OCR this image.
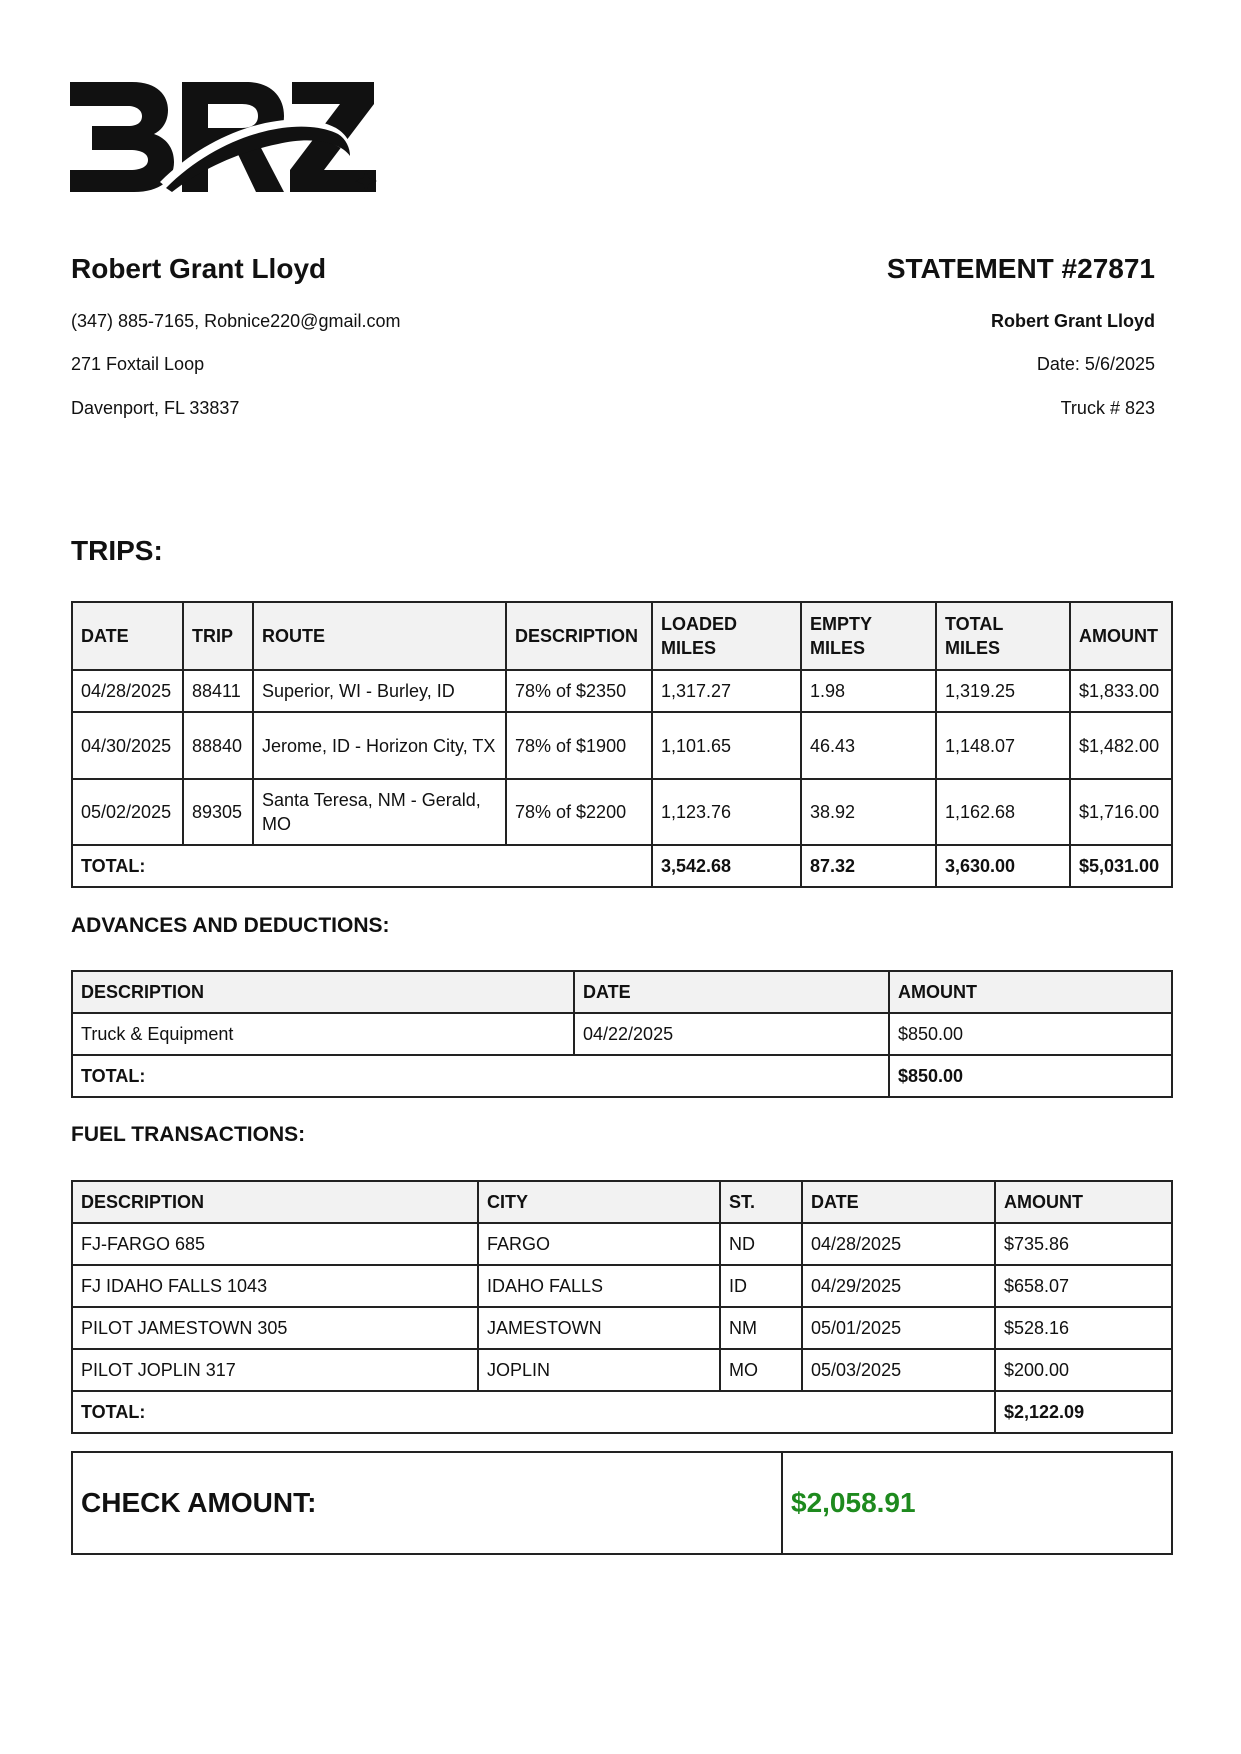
Robert Grant Lloyd
(347) 885-7165, Robnice220@gmail.com
271 Foxtail Loop
Davenport, FL 33837
STATEMENT #27871
Robert Grant Lloyd
Date: 5/6/2025
Truck # 823
TRIPS:
DATE	TRIP	ROUTE	DESCRIPTION	LOADED MILES	EMPTY MILES	TOTAL MILES	AMOUNT
04/28/2025	88411	Superior, WI - Burley, ID	78% of $2350	1,317.27	1.98	1,319.25	$1,833.00
04/30/2025	88840	Jerome, ID - Horizon City, TX	78% of $1900	1,101.65	46.43	1,148.07	$1,482.00
05/02/2025	89305	Santa Teresa, NM - Gerald, MO	78% of $2200	1,123.76	38.92	1,162.68	$1,716.00
TOTAL:				3,542.68	87.32	3,630.00	$5,031.00
ADVANCES AND DEDUCTIONS:
DESCRIPTION	DATE	AMOUNT
Truck & Equipment	04/22/2025	$850.00
TOTAL:		$850.00
FUEL TRANSACTIONS:
DESCRIPTION	CITY	ST.	DATE	AMOUNT
FJ-FARGO 685	FARGO	ND	04/28/2025	$735.86
FJ IDAHO FALLS 1043	IDAHO FALLS	ID	04/29/2025	$658.07
PILOT JAMESTOWN 305	JAMESTOWN	NM	05/01/2025	$528.16
PILOT JOPLIN 317	JOPLIN	MO	05/03/2025	$200.00
TOTAL:				$2,122.09
CHECK AMOUNT:	$2,058.91
